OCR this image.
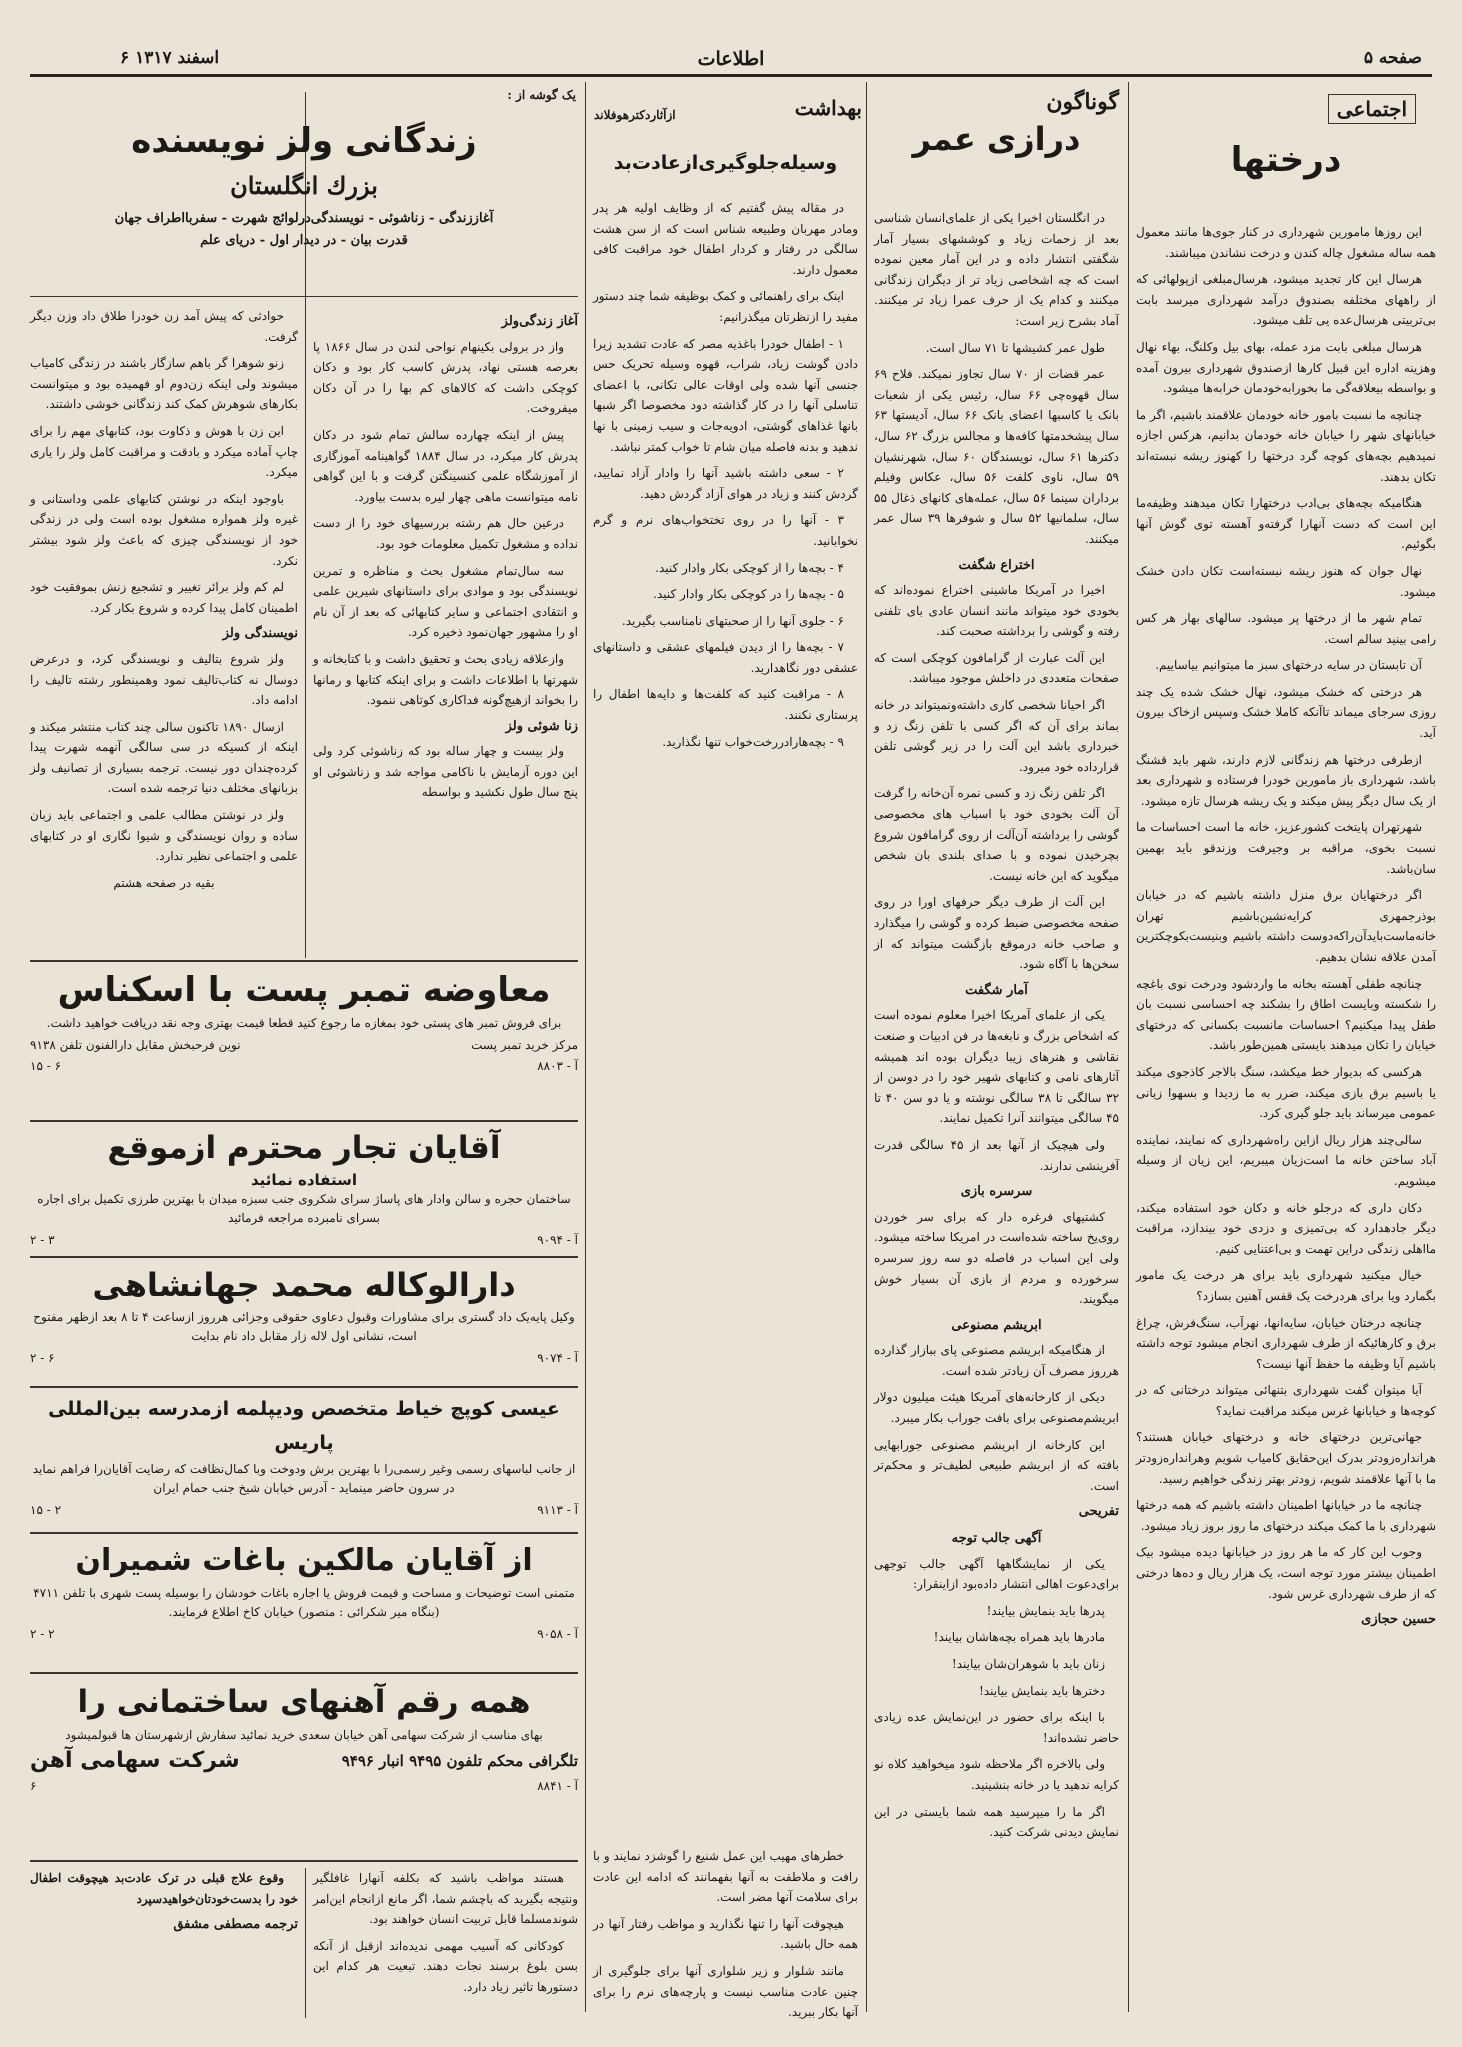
صفحه ۵
اطلاعات
۶ اسفند ۱۳۱۷
اجتماعی
درختها

این روزها مامورین شهرداری در کنار جوی‌ها مانند معمول همه ساله مشغول چاله کندن و درخت نشاندن میباشند.

هرسال این کار تجدید میشود، هرسال‌مبلغی ازپولهائی که از راههای مختلفه بصندوق درآمد شهرداری میرسد بابت بی‌تربیتی هرسال‌عده یی تلف میشود.

هرسال مبلغی بابت مزد عمله، بهای بیل وکلنگ، بهاء نهال وهزینه اداره این قبیل کارها ازصندوق شهرداری بیرون آمده و بواسطه بیعلاقه‌گی ما بخورابه‌خودمان خرابه‌ها میشود.

چنانچه ما نسبت بامور خانه خودمان علاقمند باشیم، اگر ما خیابانهای شهر را خیابان خانه خودمان بدانیم، هرکس اجازه نمیدهیم بچه‌های کوچه گرد درختها را کهنوز ریشه نبسته‌اند تکان بدهند.

هنگامیکه بچه‌های بی‌ادب درختهارا تکان میدهند وظیفه‌ما این است که دست آنهارا گرفته‌و آهسته توی گوش آنها بگوئیم.

نهال جوان که هنوز ریشه نبسته‌است تکان دادن خشک میشود.

تمام شهر ما از درختها پر میشود. سالهای بهار هر کس رامی بینید سالم است.

آن تابستان در سایه درختهای سبز ما میتوانیم بیاساییم.

هر درختی که خشک میشود، نهال خشک شده یک چند روزی سرجای میماند تاآنکه کاملا خشک وسپس ازخاک بیرون آید.

ازطرفی درختها هم زندگانی لازم دارند، شهر باید قشنگ باشد، شهرداری باز مامورین خودرا فرستاده و شهرداری بعد از یک سال دیگر پیش میکند و یک ریشه هرسال تازه میشود.

شهرتهران پایتخت کشورعزیز، خانه ما است احساسات ما نسبت بخوی، مراقبه بر وجیرفت وزندقو باید بهمین سان‌باشد.

اگر درختهایان برق منزل داشته باشیم که در خیابان بوذرجمهری کرایه‌نشین‌باشیم تهران خانه‌ماست‌بایدآن‌راکه‌دوست داشته باشیم وبنیست‌بکوچکترین آمدن علاقه نشان بدهیم.

چنانچه طفلی آهسته بخانه ما واردشود ودرخت نوی باغچه را شکسته وبایست اطاق را بشکند چه احساسی نسبت بان طفل پیدا میکنیم؟ احساسات مانسبت بکسانی که درختهای خیابان را تکان میدهند بایستی همین‌طور باشد.

هرکسی که بدیوار خط میکشد، سنگ بالاجر کاذجوی میکند یا باسیم برق بازی میکند، ضرر به ما زدیدا و بسهوا زیانی عمومی میرساند باید جلو گیری کرد.

سالی‌چند هزار ریال ازاین راه‌شهرداری که نمایند، نماینده آباد ساختن خانه ما است‌زیان میبریم، این زیان از وسیله میشویم.

دکان داری که درجلو خانه و دکان خود استفاده میکند، دیگر جادهدارد که بی‌تمیزی و دزدی خود بیندازد، مراقبت مااهلی زندگی دراین تهمت و بی‌اعتنایی کنیم.

خیال میکنید شهرداری باید برای هر درخت یک مامور بگمارد ویا برای هردرخت یک قفس آهنین بسازد؟

چنانچه درختان خیابان، سایه‌انها، نهرآب، سنگ‌فرش، چراغ برق و کارهائیکه از طرف شهرداری انجام میشود توجه داشته باشیم آیا وظیفه ما حفظ آنها نیست؟

آیا میتوان گفت شهرداری بتنهائی میتواند درختانی که در کوچه‌ها و خیابانها غرس میکند مراقبت نماید؟

جهانی‌ترین درختهای خانه و درختهای خیابان هستند؟ هرانداره‌زودتر بدرک این‌حقایق کامیاب شویم وهرانداره‌زودتر ما با آنها علاقمند شویم، زودتر بهتر زندگی خواهیم رسید.

چنانچه ما در خیابانها اطمینان داشته باشیم که همه درختها شهرداری با ما کمک میکند درختهای ما روز بروز زیاد میشود.

وجوب این کار که ما هر روز در خیابانها دیده میشود بیک اطمینان بیشتر مورد توجه است، یک هزار ریال و ده‌ها درختی که از طرف شهرداری غرس شود.

حسین حجازی
گوناگون
درازی عمر

در انگلستان اخیرا یکی از علمای‌انسان شناسی بعد از زحمات زیاد و کوششهای بسیار آمار شگفتی انتشار داده و در این آمار معین نموده است که چه اشخاصی زیاد تر از دیگران زندگانی میکنند و کدام یک از حرف عمرا زیاد تر میکنند. آماد بشرح زیر است:

طول عمر کشیشها تا ۷۱ سال است.

عمر قضات از ۷۰ سال تجاوز نمیکند. فلاح ۶۹ سال قهوه‌چی ۶۶ سال، رئیس یکی از شعبات بانک یا کاسبها اعضای بانک ۶۶ سال، آدیستها ۶۳ سال پیشخدمتها کافه‌ها و مجالس بزرگ ۶۲ سال، دکترها ۶۱ سال، نویسندگان ۶۰ سال، شهرنشیان ۵۹ سال، ناوی کلفت ۵۶ سال، عکاس وفیلم برداران سینما ۵۶ سال، عمله‌های کانهای ذغال ۵۵ سال، سلمانیها ۵۲ سال و شوفرها ۳۹ سال عمر میکنند.

اختراع شگفت

اخیرا در آمریکا ماشینی اختراع نموده‌اند که بخودی خود میتواند مانند انسان عادی بای تلفنی رفته و گوشی را برداشته صحبت کند.

این آلت عبارت از گرامافون کوچکی است که صفحات متعددی در داخلش موجود میباشد.

اگر احیانا شخصی کاری داشته‌و‌نمیتواند در خانه بماند برای آن که اگر کسی با تلفن زنگ زد و خبرداری باشد این آلت را در زیر گوشی تلفن قرارداده خود میرود.

اگر تلفن زنگ زد و کسی نمره آن‌خانه را گرفت آن آلت بخودی خود با اسباب های مخصوصی گوشی را برداشته آن‌آلت از روی گرامافون شروع بچرخیدن نموده و با صدای بلندی بان شخص میگوید که این خانه نیست.

این آلت از طرف دیگر حرفهای اورا در روی صفحه مخصوصی ضبط کرده و گوشی را میگذارد و صاحب خانه درموقع بازگشت میتواند که از سخن‌ها با آگاه شود.

آمار شگفت

یکی از علمای آمریکا اخیرا معلوم نموده است که اشخاص بزرگ و نابغه‌ها در فن ادبیات و صنعت نقاشی و هنرهای زیبا دیگران بوده اند همیشه آثارهای نامی و کتابهای شهیر خود را در دوسن از ۳۲ سالگی تا ۳۸ سالگی نوشته و یا دو سن ۴۰ تا ۴۵ سالگی میتوانند آنرا تکمیل نمایند.

ولی هیچیک از آنها بعد از ۴۵ سالگی قدرت آفرینشی ندارند.

سرسره بازی

کشتیهای فرغره دار که برای سر خوردن روی‌یخ ساخته شده‌است در امریکا ساخته میشود. ولی این اسباب در فاصله دو سه روز سرسره سرخورده و مردم از بازی آن بسیار خوش میگویند.

ابریشم مصنوعی

از هنگامیکه ابریشم مصنوعی پای ببازار گذارده هرروز مصرف آن زیادتر شده است.

دیکی از کارخانه‌های آمریکا هیئت میلیون دولار ابریشم‌مصنوعی برای بافت جوراب بکار میبرد.

این کارخانه از ابریشم مصنوعی جورابهایی بافته که از ابریشم طبیعی لطیف‌تر و محکم‌تر است.

تفریحی
آگهی جالب توجه

یکی از نمایشگاهها آگهی جالب توجهی برای‌دعوت اهالی انتشار داده‌بود ازاینقرار:

پدرها باید بنمایش بیایند!

مادرها باید همراه بچه‌هاشان بیایند!

زنان باید با شوهران‌شان بیایند!

دخترها باید بنمایش بیایند!

با اینکه برای حضور در این‌نمایش عده زیادی حاضر نشده‌اند!

ولی بالاخره اگر ملاحظه شود میخواهید کلاه نو کرایه ندهید یا در خانه بنشینید.

اگر ما را میپرسید همه شما بایستی در این نمایش دیدنی شرکت کنید.

بهداشت
ازآثاردکترهوفلاند
وسیله‌جلوگیری‌ازعادت‌بد

در مقاله پیش گفتیم که از وظایف اولیه هر پدر ومادر مهربان وطبیعه شناس است که از سن هشت سالگی در رفتار و کردار اطفال خود مراقبت کافی معمول دارند.

اینک برای راهنمائی و کمک بوظیفه شما چند دستور مفید را ازنظرتان میگذرانیم:

۱ - اطفال خودرا باغذیه مصر که عادت تشدید زیرا دادن گوشت زیاد، شراب، قهوه وسیله تحریک حس جنسی آنها شده ولی اوقات عالی تکانی، با اعضای تناسلی آنها را در کار گذاشته دود مخصوصا اگر شبها بانها غذاهای گوشتی، ادویه‌جات و سیب زمینی با نها ندهید و بدنه فاصله میان شام تا خواب کمتر نباشد.

۲ - سعی داشته باشید آنها را وادار آزاد نمایید، گردش کنند و زیاد در هوای آزاد گردش دهید.

۳ - آنها را در روی تختخواب‌های نرم و گرم نخوابانید.

۴ - بچه‌ها را از کوچکی بکار وادار کنید.

۵ - بچه‌ها را در کوچکی بکار وادار کنید.

۶ - جلوی آنها را از صحبتهای نامناسب بگیرید.

۷ - بچه‌ها را از دیدن فیلمهای عشقی و داستانهای عشقی دور نگاهدارید.

۸ - مراقبت کنید که کلفت‌ها و دایه‌ها اطفال را پرستاری نکنند.

۹ - بچه‌هارا‌در‌رخت‌خواب تنها نگذارید.

خطرهای مهیب این عمل شنیع را گوشزد نمایند و با رافت و ملاطفت به آنها بفهمانند که ادامه این عادت برای سلامت آنها مضر است.

هیچوقت آنها را تنها نگذارید و مواظب رفتار آنها در همه حال باشید.

مانند شلوار و زیر شلواری آنها برای جلوگیری از چنین عادت مناسب نیست و پارچه‌های نرم را برای آنها بکار ببرید.

یک گوشه از :
زندگانی ولز نویسنده
بزرك انگلستان
آغاززندگی - زناشوئی - نویسندگی‌درلوائج شهرت - سفربااطراف جهان
قدرت بیان - در دیدار اول - دریای علم
آغاز زندگی‌ولز

واز در برولی بکینهام نواحی لندن در سال ۱۸۶۶ پا بعرصه هستی نهاد، پدرش کاسب کار بود و دکان کوچکی داشت که کالاهای کم بها را در آن دکان میفروخت.

پیش از اینکه چهارده سالش تمام شود در دکان پدرش کار میکرد، در سال ۱۸۸۴ گواهینامه آموزگاری از آموزشگاه علمی کنسینگتن گرفت و با این گواهی نامه میتوانست ماهی چهار لیره بدست بیاورد.

درعین حال هم رشته بررسیهای خود را از دست نداده و مشغول تکمیل معلومات خود بود.

سه سال‌تمام مشغول بحث و مناظره و تمرین نویسندگی بود و موادی برای داستانهای شیرین علمی و انتقادی اجتماعی و سایر کتابهائی که بعد از آن نام او را مشهور جهان‌نمود ذخیره کرد.

وازعلاقه زیادی بحث و تحقیق داشت و با کتابخانه و شهرتها با اطلاعات داشت و برای اینکه کتابها و رمانها را بخواند ازهیچ‌گونه فداکاری کوتاهی ننمود.

زنا شوئی ولز

ولز بیست و چهار ساله بود که زناشوئی کرد ولی این دوره آزمایش با ناکامی مواجه شد و زناشوئی او پنج سال طول نکشید و بواسطه

حوادثی که پیش آمد زن خودرا طلاق داد وزن دیگر گرفت.

زنو شوهرا گر باهم سازگار باشند در زندگی کامیاب میشوند ولی اینکه زن‌دوم او فهمیده بود و میتوانست بکارهای شوهرش کمک کند زندگانی خوشی داشتند.

این زن با هوش و ذکاوت بود، کتابهای مهم را برای چاپ آماده میکرد و بادقت و مراقبت کامل ولز را یاری میکرد.

باوجود اینکه در نوشتن کتابهای علمی وداستانی و غیره ولز همواره مشغول بوده است ولی در زندگی خود از نویسندگی چیزی که باعث ولز شود بیشتر نکرد.

لم کم ولز برائر تغییر و تشجیع زنش بموفقیت خود اطمینان کامل پیدا کرده و شروع بکار کرد.

نویسندگی ولز

ولز شروع بتالیف و نویسندگی کرد، و درعرض دوسال نه کتاب‌تالیف نمود وهمینطور رشته تالیف را ادامه داد.

ازسال ۱۸۹۰ تاکنون سالی چند کتاب منتشر میکند و اینکه از کسیکه در سی سالگی آنهمه شهرت پیدا کرده‌چندان دور نیست. ترجمه بسیاری از تصانیف ولز بزبانهای مختلف دنیا ترجمه شده است.

ولز در نوشتن مطالب علمی و اجتماعی باید زبان ساده و روان نویسندگی و شیوا نگاری او در کتابهای علمی و اجتماعی نظیر ندارد.

بقیه در صفحه هشتم
معاوضه تمبر پست با اسکناس
برای فروش تمبر های پستی خود بمغازه ما رجوع کنید قطعا قیمت بهتری وجه نقد دریافت خواهید داشت.
مرکز خرید تمبر پست
نوین فرحبخش مقابل دارالفنون تلفن ۹۱۳۸
آ - ۸۸۰۳
۶ - ۱۵
آقایان تجار محترم ازموقع
استفاده نمائید
ساختمان حجره و سالن وادار های پاساژ سرای شکروی جنب سبزه میدان با بهترین طرزی تکمیل برای اجاره بسرای نامبرده مراجعه فرمائید
آ - ۹۰۹۴
۳ - ۲
دارالوکاله محمد جهانشاهی
وکیل پایه‌یک داد گستری برای مشاورات وقبول دعاوی حقوقی وجزائی هرروز ازساعت ۴ تا ۸ بعد ازظهر مفتوح است، نشانی اول لاله زار مقابل داد نام بدایت
آ - ۹۰۷۴
۶ - ۲
عیسی کوپچ خیاط متخصص ودیپلمه ازمدرسه بین‌المللی پاریس
از جانب لباسهای رسمی وغیر رسمی‌را با بهترین برش ودوخت وبا کمال‌نظافت که رضایت آقایان‌را فراهم نماید در سرون حاضر مینماید - آدرس خیابان شیخ جنب حمام ایران
آ - ۹۱۱۳
۲ - ۱۵
از آقایان مالکین باغات شمیران
متمنی است توضیحات و مساحت و قیمت فروش یا اجاره باغات خودشان را بوسیله پست شهری با تلفن ۴۷۱۱ (بنگاه میر شکرائی : منصور) خیابان کاخ اطلاع فرمایند.
آ - ۹۰۵۸
۲ - ۲
همه رقم آهنهای ساختمانی را
بهای مناسب از شرکت سهامی آهن خیابان سعدی خرید نمائید سفارش ازشهرستان ها قبولمیشود
تلگرافی محکم تلفون ۹۴۹۵ انبار ۹۴۹۶
شرکت سهامی آهن
آ - ۸۸۴۱
۶

هستند مواظب باشید که بکلفه آنهارا غافلگیر ونتیجه بگیرید که باچشم شما، اگر مانع ازانجام این‌امر شوندمسلما قابل تربیت انسان خواهند بود.

کودکانی که آسیب مهمی ندیده‌اند ازقبل از آنکه بسن بلوغ برسند نجات دهند. تبعیت هر کدام این دستورها تاثیر زیاد دارد.

وقوع علاج قبلی در ترک عادت‌بد هیچوقت اطفال خود را بدست‌خودتان‌خواهید‌سپرد

ترجمه مصطفی مشفق
